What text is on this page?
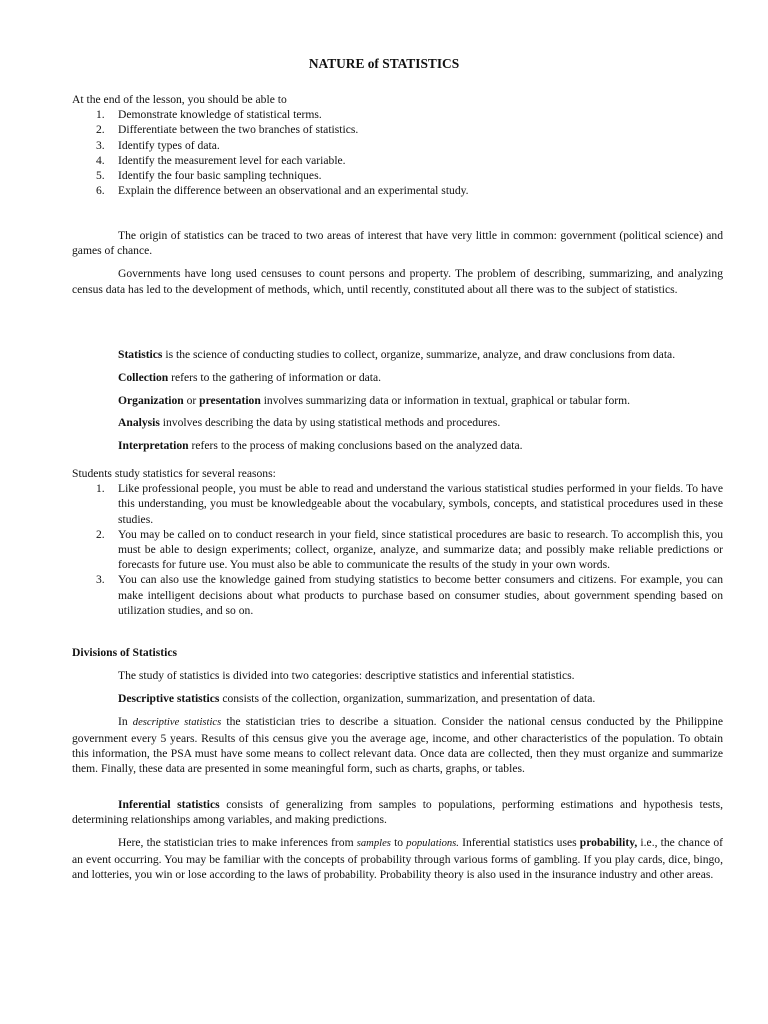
NATURE of STATISTICS

At the end of the lesson, you should be able to

1. Demonstrate knowledge of statistical terms.
2. Differentiate between the two branches of statistics.
3. Identify types of data.
4. Identify the measurement level for each variable.
5. Identify the four basic sampling techniques.
6. Explain the difference between an observational and an experimental study.

The origin of statistics can be traced to two areas of interest that have very little in common: government (political science) and games of chance.

Governments have long used censuses to count persons and property. The problem of describing, summarizing, and analyzing census data has led to the development of methods, which, until recently, constituted about all there was to the subject of statistics.

Statistics is the science of conducting studies to collect, organize, summarize, analyze, and draw conclusions from data.

Collection refers to the gathering of information or data.

Organization or presentation involves summarizing data or information in textual, graphical or tabular form.

Analysis involves describing the data by using statistical methods and procedures.

Interpretation refers to the process of making conclusions based on the analyzed data.

Students study statistics for several reasons:

1. Like professional people, you must be able to read and understand the various statistical studies performed in your fields. To have this understanding, you must be knowledgeable about the vocabulary, symbols, concepts, and statistical procedures used in these studies.
2. You may be called on to conduct research in your field, since statistical procedures are basic to research. To accomplish this, you must be able to design experiments; collect, organize, analyze, and summarize data; and possibly make reliable predictions or forecasts for future use. You must also be able to communicate the results of the study in your own words.
3. You can also use the knowledge gained from studying statistics to become better consumers and citizens. For example, you can make intelligent decisions about what products to purchase based on consumer studies, about government spending based on utilization studies, and so on.
Divisions of Statistics

The study of statistics is divided into two categories: descriptive statistics and inferential statistics.

Descriptive statistics consists of the collection, organization, summarization, and presentation of data.

In descriptive statistics the statistician tries to describe a situation. Consider the national census conducted by the Philippine government every 5 years. Results of this census give you the average age, income, and other characteristics of the population. To obtain this information, the PSA must have some means to collect relevant data. Once data are collected, then they must organize and summarize them. Finally, these data are presented in some meaningful form, such as charts, graphs, or tables.

Inferential statistics consists of generalizing from samples to populations, performing estimations and hypothesis tests, determining relationships among variables, and making predictions.

Here, the statistician tries to make inferences from samples to populations. Inferential statistics uses probability, i.e., the chance of an event occurring. You may be familiar with the concepts of probability through various forms of gambling. If you play cards, dice, bingo, and lotteries, you win or lose according to the laws of probability. Probability theory is also used in the insurance industry and other areas.
